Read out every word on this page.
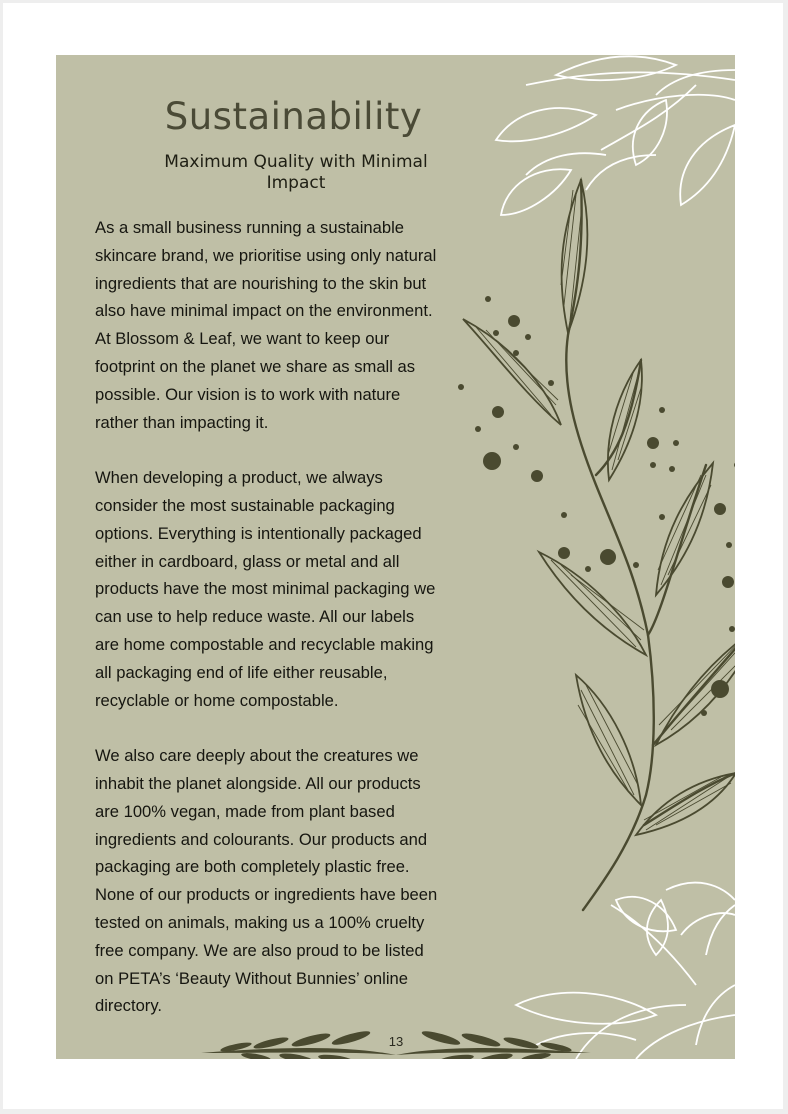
Sustainability
Maximum Quality with Minimal
Impact

As a small business running a sustainable
skincare brand, we prioritise using only natural
ingredients that are nourishing to the skin but
also have minimal impact on the environment.
At Blossom & Leaf, we want to keep our
footprint on the planet we share as small as
possible. Our vision is to work with nature
rather than impacting it.

When developing a product, we always
consider the most sustainable packaging
options. Everything is intentionally packaged
either in cardboard, glass or metal and all
products have the most minimal packaging we
can use to help reduce waste. All our labels
are home compostable and recyclable making
all packaging end of life either reusable,
recyclable or home compostable.

We also care deeply about the creatures we
inhabit the planet alongside. All our products
are 100% vegan, made from plant based
ingredients and colourants. Our products and
packaging are both completely plastic free.
None of our products or ingredients have been
tested on animals, making us a 100% cruelty
free company. We are also proud to be listed
on PETA’s ‘Beauty Without Bunnies’ online
directory.

13
